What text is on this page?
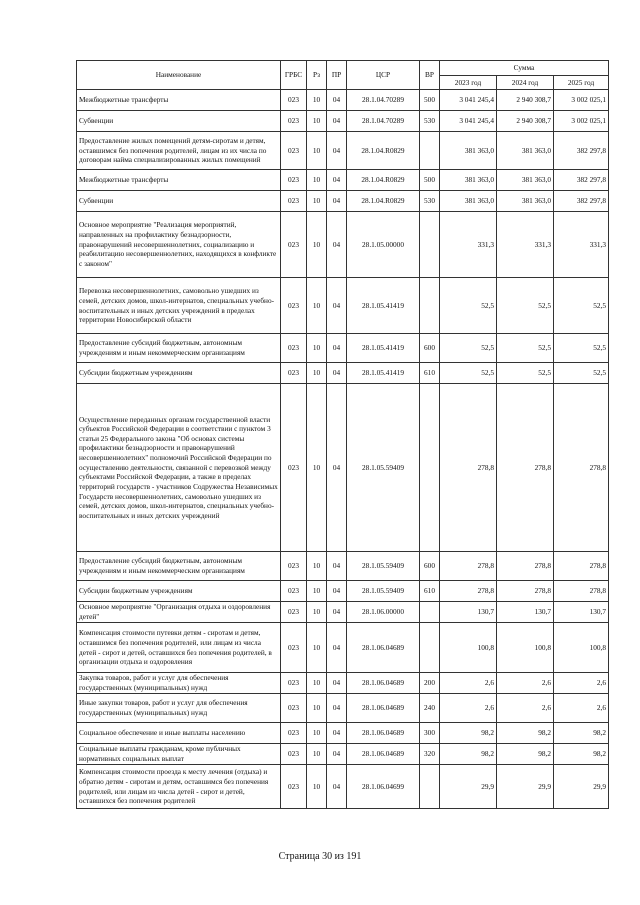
Наименование	ГРБС	Рз	ПР	ЦСР	ВР	Сумма		
						2023 год	2024 год	2025 год
Межбюджетные трансферты	023	10	04	28.1.04.70289	500	3 041 245,4	2 940 308,7	3 002 025,1
Субвенции	023	10	04	28.1.04.70289	530	3 041 245,4	2 940 308,7	3 002 025,1
Предоставление жилых помещений детям-сиротам и детям, оставшимся без попечения родителей, лицам из их числа по договорам найма специализированных жилых помещений	023	10	04	28.1.04.R0829		381 363,0	381 363,0	382 297,8
Межбюджетные трансферты	023	10	04	28.1.04.R0829	500	381 363,0	381 363,0	382 297,8
Субвенции	023	10	04	28.1.04.R0829	530	381 363,0	381 363,0	382 297,8
Основное мероприятие "Реализация мероприятий, направленных на профилактику безнадзорности, правонарушений несовершеннолетних, социализацию и реабилитацию несовершеннолетних, находящихся в конфликте с законом"	023	10	04	28.1.05.00000		331,3	331,3	331,3
Перевозка несовершеннолетних, самовольно ушедших из семей, детских домов, школ-интернатов, специальных учебно-воспитательных и иных детских учреждений в пределах территории Новосибирской области	023	10	04	28.1.05.41419		52,5	52,5	52,5
Предоставление субсидий бюджетным, автономным учреждениям и иным некоммерческим организациям	023	10	04	28.1.05.41419	600	52,5	52,5	52,5
Субсидии бюджетным учреждениям	023	10	04	28.1.05.41419	610	52,5	52,5	52,5
Осуществление переданных органам государственной власти субъектов Российской Федерации в соответствии с пунктом 3 статьи 25 Федерального закона "Об основах системы профилактики безнадзорности и правонарушений несовершеннолетних" полномочий Российской Федерации по осуществлению деятельности, связанной с перевозкой между субъектами Российской Федерации, а также в пределах территорий государств - участников Содружества Независимых Государств несовершеннолетних, самовольно ушедших из семей, детских домов, школ-интернатов, специальных учебно-воспитательных и иных детских учреждений	023	10	04	28.1.05.59409		278,8	278,8	278,8
Предоставление субсидий бюджетным, автономным учреждениям и иным некоммерческим организациям	023	10	04	28.1.05.59409	600	278,8	278,8	278,8
Субсидии бюджетным учреждениям	023	10	04	28.1.05.59409	610	278,8	278,8	278,8
Основное мероприятие "Организация отдыха и оздоровления детей"	023	10	04	28.1.06.00000		130,7	130,7	130,7
Компенсация стоимости путевки детям - сиротам и детям, оставшимся без попечения родителей, или лицам из числа детей - сирот и детей, оставшихся без попечения родителей, в организации отдыха и оздоровления	023	10	04	28.1.06.04689		100,8	100,8	100,8
Закупка товаров, работ и услуг для обеспечения государственных (муниципальных) нужд	023	10	04	28.1.06.04689	200	2,6	2,6	2,6
Иные закупки товаров, работ и услуг для обеспечения государственных (муниципальных) нужд	023	10	04	28.1.06.04689	240	2,6	2,6	2,6
Социальное обеспечение и иные выплаты населению	023	10	04	28.1.06.04689	300	98,2	98,2	98,2
Социальные выплаты гражданам, кроме публичных нормативных социальных выплат	023	10	04	28.1.06.04689	320	98,2	98,2	98,2
Компенсация стоимости проезда к месту лечения (отдыха) и обратно детям - сиротам и детям, оставшимся без попечения родителей, или лицам из числа детей - сирот и детей, оставшихся без попечения родителей	023	10	04	28.1.06.04699		29,9	29,9	29,9
Страница 30 из 191
